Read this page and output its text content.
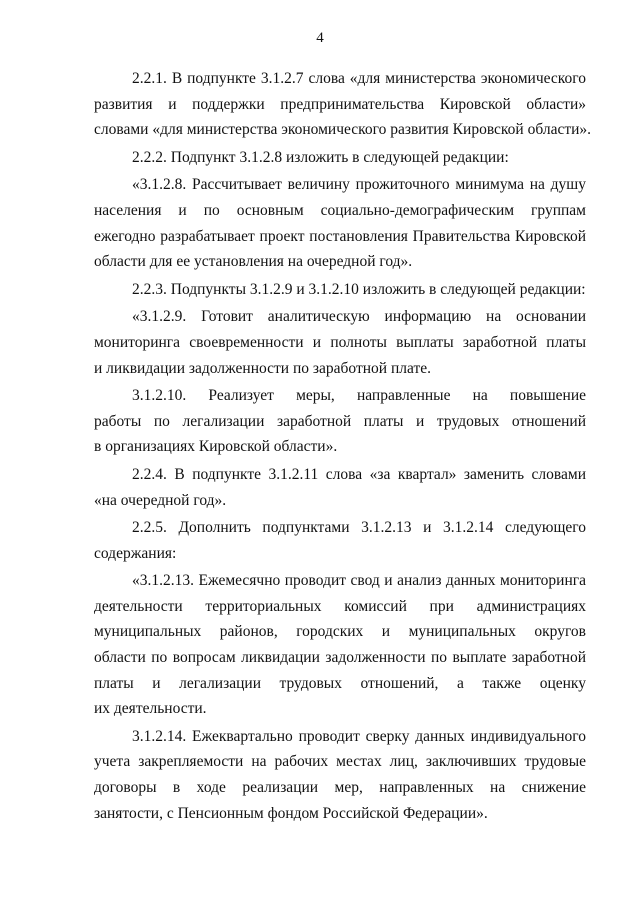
4
2.2.1. В подпункте 3.1.2.7 слова «для министерства экономического
развития и поддержки предпринимательства Кировской области»
словами «для министерства экономического развития Кировской области».
2.2.2. Подпункт 3.1.2.8 изложить в следующей редакции:
«3.1.2.8. Рассчитывает величину прожиточного минимума на душу
населения и по основным социально-демографическим группам
ежегодно разрабатывает проект постановления Правительства Кировской
области для ее установления на очередной год».
2.2.3. Подпункты 3.1.2.9 и 3.1.2.10 изложить в следующей редакции:
«3.1.2.9. Готовит аналитическую информацию на основании
мониторинга своевременности и полноты выплаты заработной платы
и ликвидации задолженности по заработной плате.
3.1.2.10. Реализует меры, направленные на повышение
работы по легализации заработной платы и трудовых отношений
в организациях Кировской области».
2.2.4. В подпункте 3.1.2.11 слова «за квартал» заменить словами
«на очередной год».
2.2.5. Дополнить подпунктами 3.1.2.13 и 3.1.2.14 следующего
содержания:
«3.1.2.13. Ежемесячно проводит свод и анализ данных мониторинга
деятельности территориальных комиссий при администрациях
муниципальных районов, городских и муниципальных округов
области по вопросам ликвидации задолженности по выплате заработной
платы и легализации трудовых отношений, а также оценку
их деятельности.
3.1.2.14. Ежеквартально проводит сверку данных индивидуального
учета закрепляемости на рабочих местах лиц, заключивших трудовые
договоры в ходе реализации мер, направленных на снижение
занятости, с Пенсионным фондом Российской Федерации».
